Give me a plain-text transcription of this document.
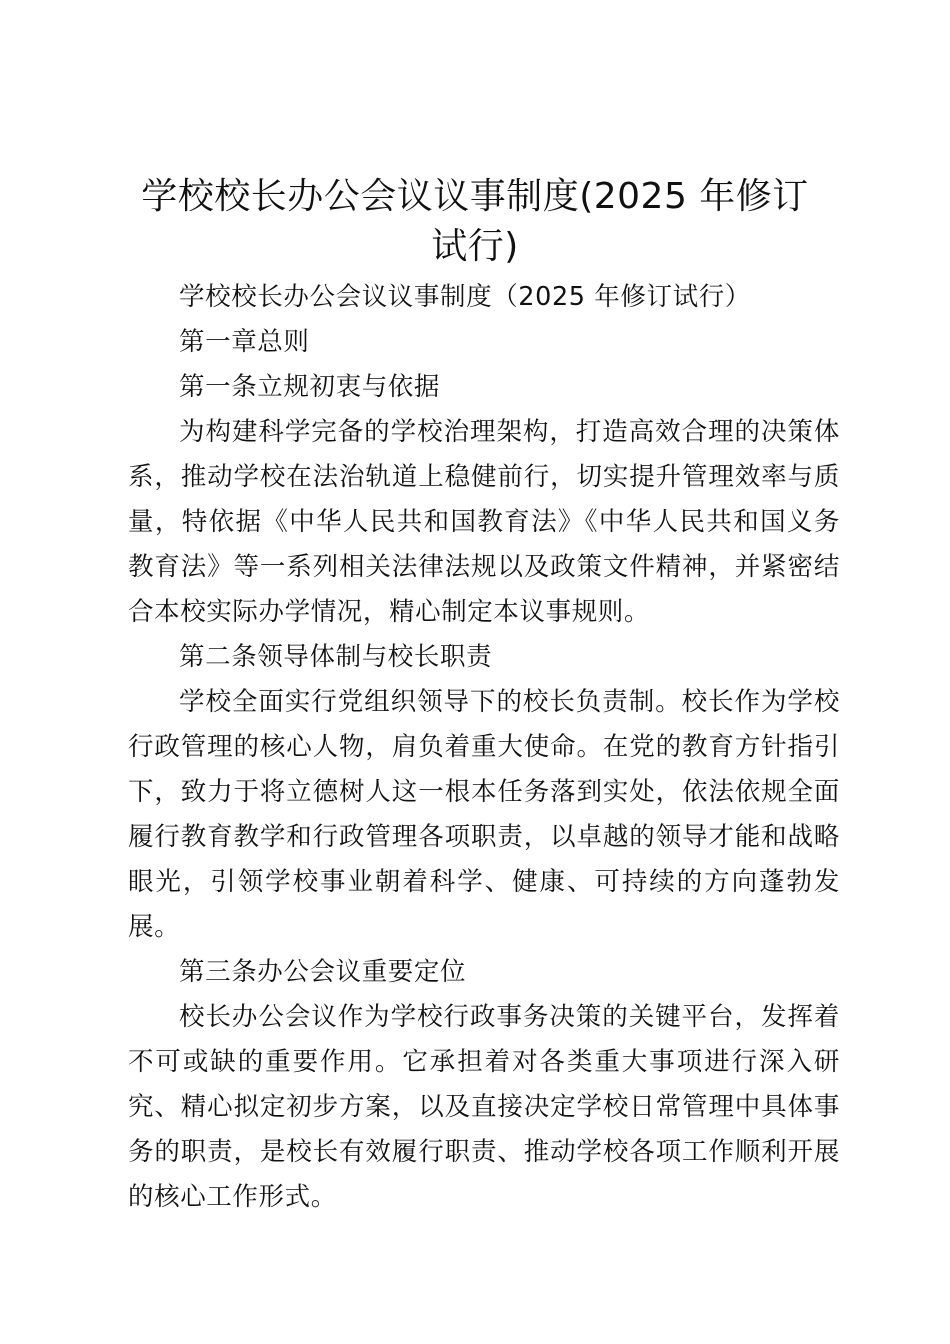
学校校长办公会议议事制度(2025 年修订试行)

学校校长办公会议议事制度（2025 年修订试行）

第一章总则

第一条立规初衷与依据

为构建科学完备的学校治理架构，打造高效合理的决策体系，推动学校在法治轨道上稳健前行，切实提升管理效率与质量，特依据《中华人民共和国教育法》《中华人民共和国义务教育法》等一系列相关法律法规以及政策文件精神，并紧密结合本校实际办学情况，精心制定本议事规则。

第二条领导体制与校长职责

学校全面实行党组织领导下的校长负责制。校长作为学校行政管理的核心人物，肩负着重大使命。在党的教育方针指引下，致力于将立德树人这一根本任务落到实处，依法依规全面履行教育教学和行政管理各项职责，以卓越的领导才能和战略眼光，引领学校事业朝着科学、健康、可持续的方向蓬勃发展。

第三条办公会议重要定位

校长办公会议作为学校行政事务决策的关键平台，发挥着不可或缺的重要作用。它承担着对各类重大事项进行深入研究、精心拟定初步方案，以及直接决定学校日常管理中具体事务的职责，是校长有效履行职责、推动学校各项工作顺利开展的核心工作形式。
